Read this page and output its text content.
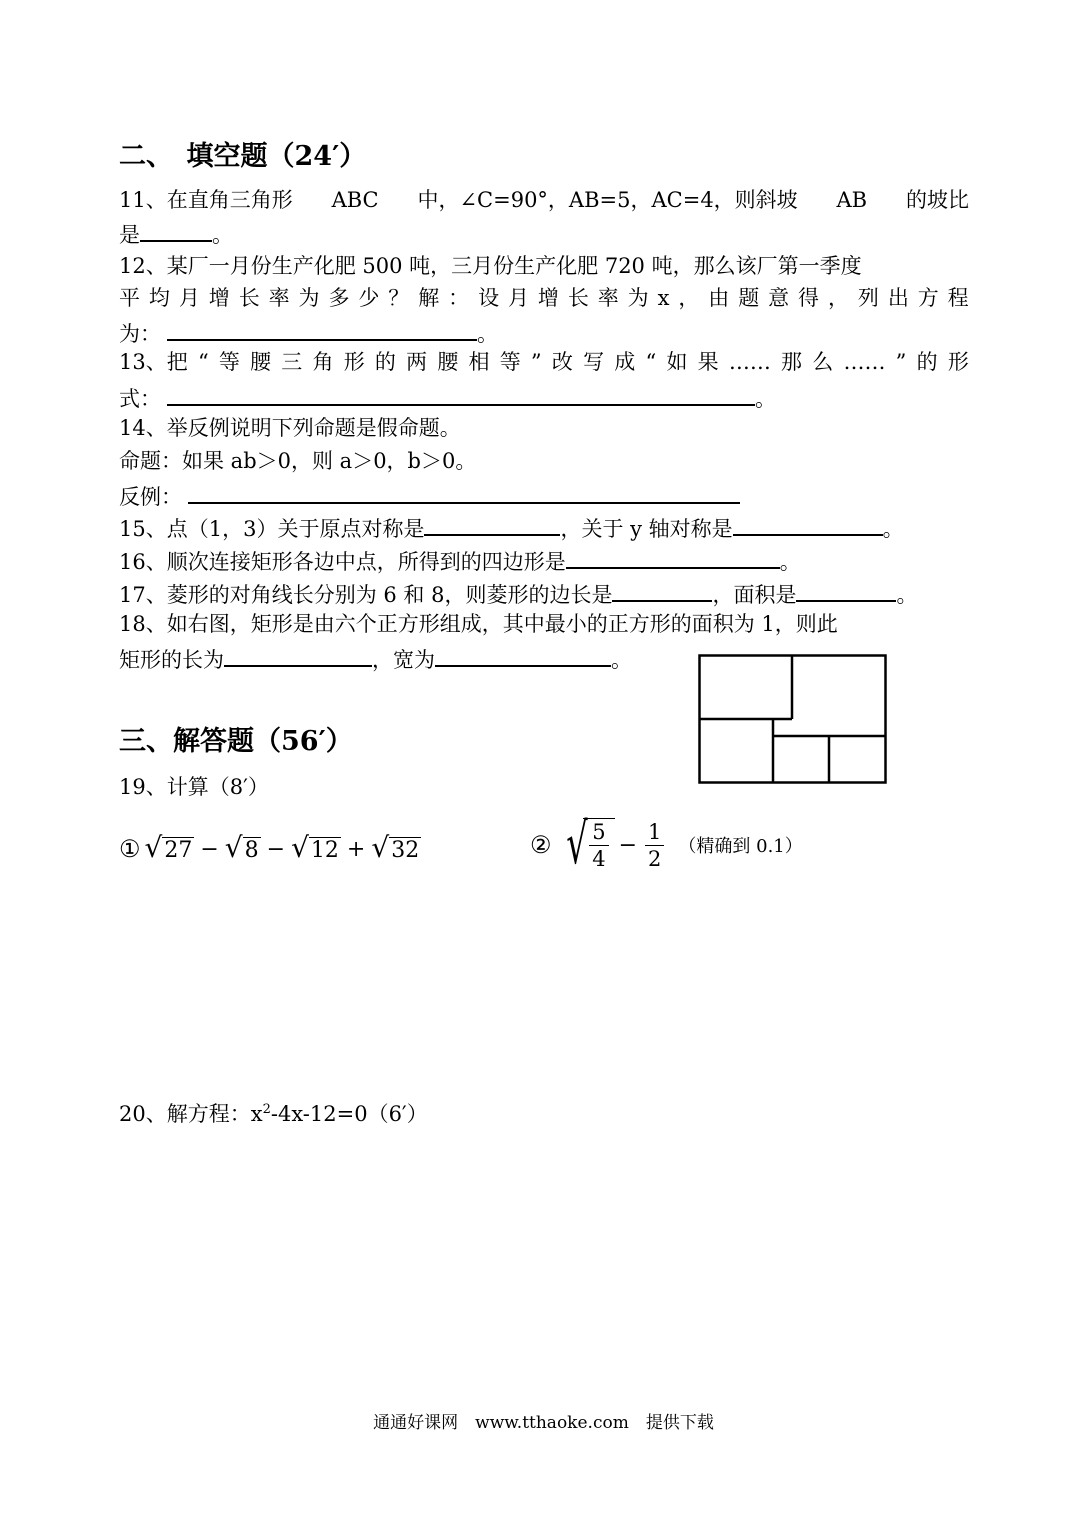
二、　填空题（24′）
11、在直角三角形 ABC 中，∠C=90°，AB=5，AC=4，则斜坡 AB 的坡比
是	。
12、某厂一月份生产化肥 500 吨，三月份生产化肥 720 吨，那么该厂第一季度
平 均 月 增 长 率 为 多 少 ？ 解 ： 设 月 增 长 率 为 x ， 由 题 意 得 ， 列 出 方 程
为：	。
13、把 “ 等 腰 三 角 形 的 两 腰 相 等 ” 改 写 成 “ 如 果 …… 那 么 …… ” 的 形
式：	。
14、举反例说明下列命题是假命题。
命题：如果 ab＞0，则 a＞0，b＞0。
反例：
15、点（1，3）关于原点对称是	，关于 y 轴对称是	。
16、顺次连接矩形各边中点，所得到的四边形是	。
17、菱形的对角线长分别为 6 和 8，则菱形的边长是	，面积是	。
18、如右图，矩形是由六个正方形组成，其中最小的正方形的面积为 1，则此
矩形的长为	，宽为	。
三、解答题（56′）
19、计算（8′）
① √ 27 − √ 8 − √ 12 + √ 32	② √ $\frac{5}{4} - \frac{1}{2}$ （精确到 0.1）
20、解方程：$x^2-4x-12=0(6')$
通通好课网　www.tthaoke.com　提供下载
